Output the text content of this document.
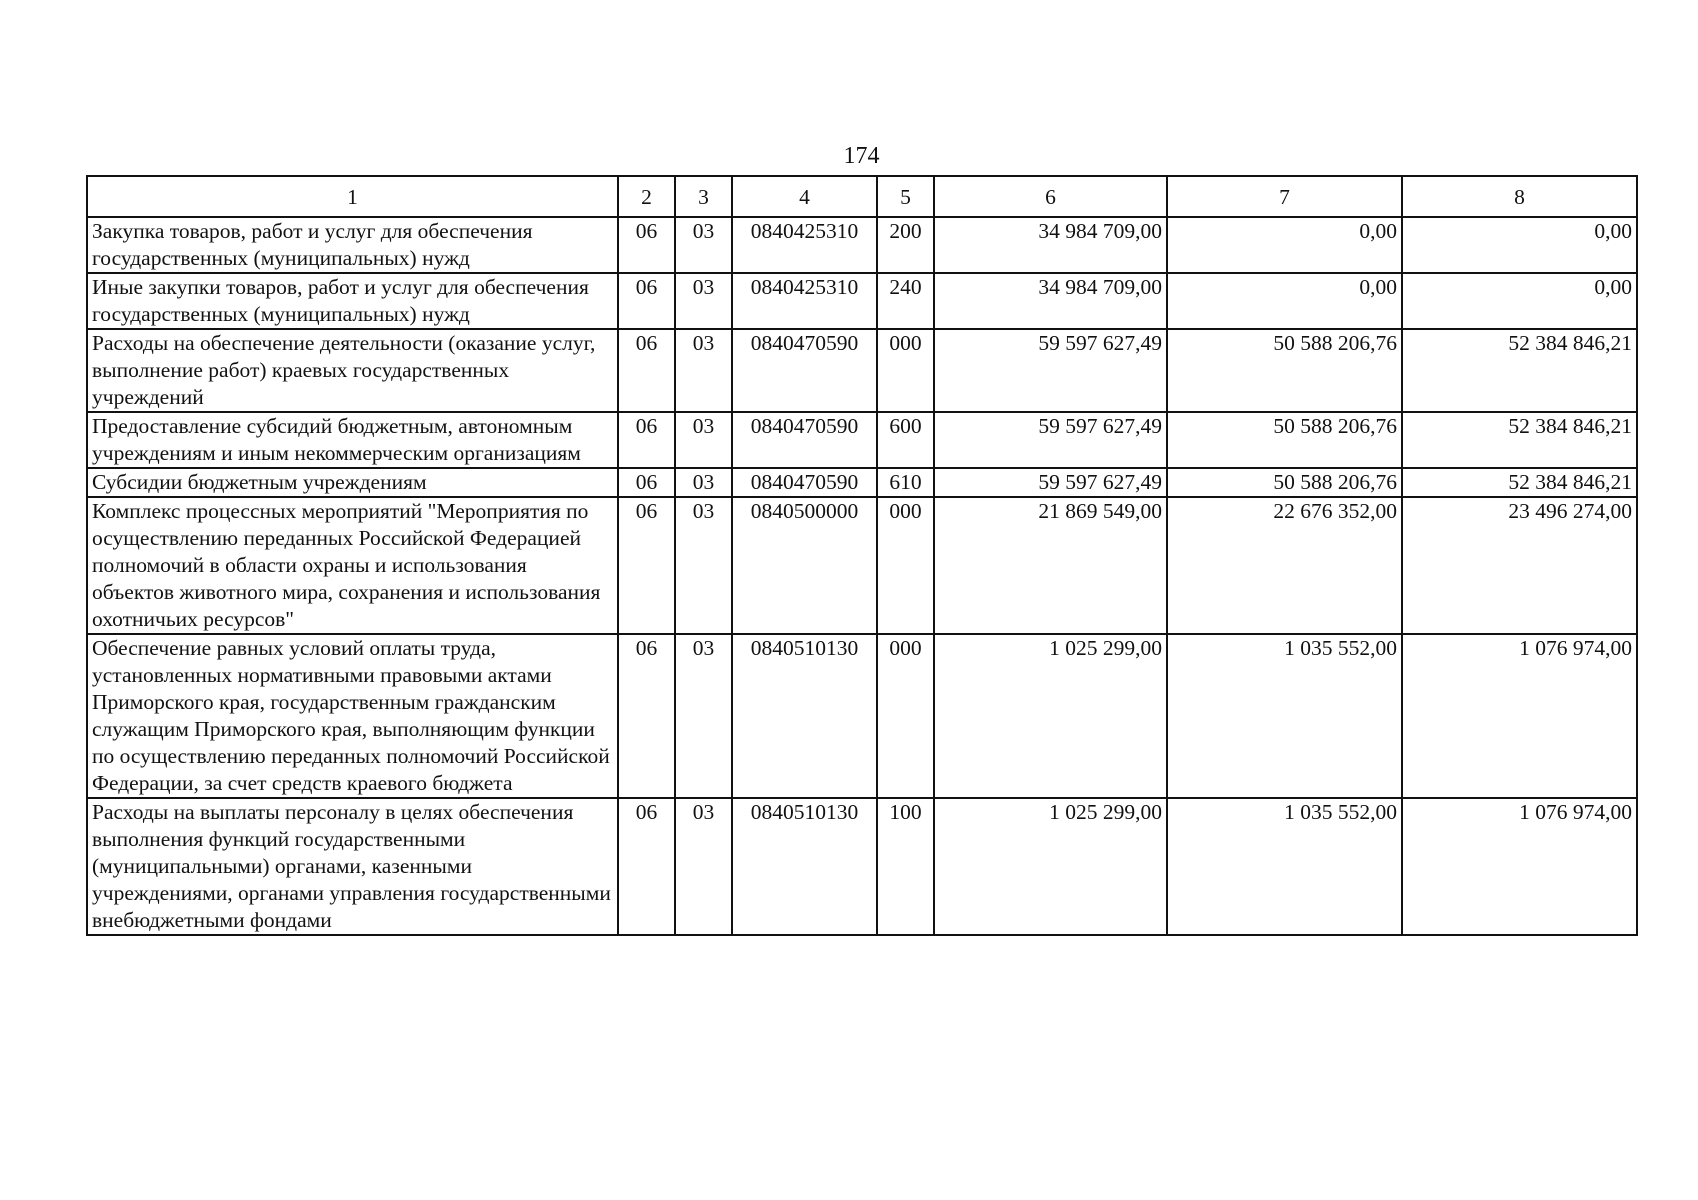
174
1	2	3	4	5	6	7	8
Закупка товаров, работ и услуг для обеспечения государственных (муниципальных) нужд	06	03	0840425310	200	34 984 709,00	0,00	0,00
Иные закупки товаров, работ и услуг для обеспечения государственных (муниципальных) нужд	06	03	0840425310	240	34 984 709,00	0,00	0,00
Расходы на обеспечение деятельности (оказание услуг, выполнение работ) краевых государственных учреждений	06	03	0840470590	000	59 597 627,49	50 588 206,76	52 384 846,21
Предоставление субсидий бюджетным, автономным учреждениям и иным некоммерческим организациям	06	03	0840470590	600	59 597 627,49	50 588 206,76	52 384 846,21
Субсидии бюджетным учреждениям	06	03	0840470590	610	59 597 627,49	50 588 206,76	52 384 846,21
Комплекс процессных мероприятий "Мероприятия по осуществлению переданных Российской Федерацией полномочий в области охраны и использования объектов животного мира, сохранения и использования охотничьих ресурсов"	06	03	0840500000	000	21 869 549,00	22 676 352,00	23 496 274,00
Обеспечение равных условий оплаты труда, установленных нормативными правовыми актами Приморского края, государственным гражданским служащим Приморского края, выполняющим функции по осуществлению переданных полномочий Российской Федерации, за счет средств краевого бюджета	06	03	0840510130	000	1 025 299,00	1 035 552,00	1 076 974,00
Расходы на выплаты персоналу в целях обеспечения выполнения функций государственными (муниципальными) органами, казенными учреждениями, органами управления государственными внебюджетными фондами	06	03	0840510130	100	1 025 299,00	1 035 552,00	1 076 974,00
